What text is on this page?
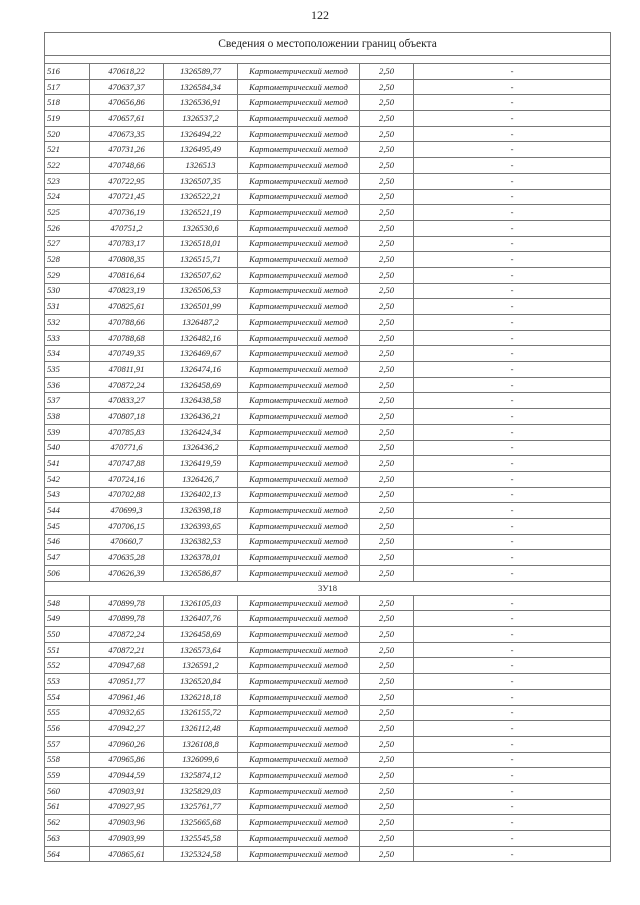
122
Сведения о местоположении границ объекта					

516	470618,22	1326589,77	Картометрический метод	2,50	-
517	470637,37	1326584,34	Картометрический метод	2,50	-
518	470656,86	1326536,91	Картометрический метод	2,50	-
519	470657,61	1326537,2	Картометрический метод	2,50	-
520	470673,35	1326494,22	Картометрический метод	2,50	-
521	470731,26	1326495,49	Картометрический метод	2,50	-
522	470748,66	1326513	Картометрический метод	2,50	-
523	470722,95	1326507,35	Картометрический метод	2,50	-
524	470721,45	1326522,21	Картометрический метод	2,50	-
525	470736,19	1326521,19	Картометрический метод	2,50	-
526	470751,2	1326530,6	Картометрический метод	2,50	-
527	470783,17	1326518,01	Картометрический метод	2,50	-
528	470808,35	1326515,71	Картометрический метод	2,50	-
529	470816,64	1326507,62	Картометрический метод	2,50	-
530	470823,19	1326506,53	Картометрический метод	2,50	-
531	470825,61	1326501,99	Картометрический метод	2,50	-
532	470788,66	1326487,2	Картометрический метод	2,50	-
533	470788,68	1326482,16	Картометрический метод	2,50	-
534	470749,35	1326469,67	Картометрический метод	2,50	-
535	470811,91	1326474,16	Картометрический метод	2,50	-
536	470872,24	1326458,69	Картометрический метод	2,50	-
537	470833,27	1326438,58	Картометрический метод	2,50	-
538	470807,18	1326436,21	Картометрический метод	2,50	-
539	470785,83	1326424,34	Картометрический метод	2,50	-
540	470771,6	1326436,2	Картометрический метод	2,50	-
541	470747,88	1326419,59	Картометрический метод	2,50	-
542	470724,16	1326426,7	Картометрический метод	2,50	-
543	470702,88	1326402,13	Картометрический метод	2,50	-
544	470699,3	1326398,18	Картометрический метод	2,50	-
545	470706,15	1326393,65	Картометрический метод	2,50	-
546	470660,7	1326382,53	Картометрический метод	2,50	-
547	470635,28	1326378,01	Картометрический метод	2,50	-
506	470626,39	1326586,87	Картометрический метод	2,50	-
3У18					
548	470899,78	1326105,03	Картометрический метод	2,50	-
549	470899,78	1326407,76	Картометрический метод	2,50	-
550	470872,24	1326458,69	Картометрический метод	2,50	-
551	470872,21	1326573,64	Картометрический метод	2,50	-
552	470947,68	1326591,2	Картометрический метод	2,50	-
553	470951,77	1326520,84	Картометрический метод	2,50	-
554	470961,46	1326218,18	Картометрический метод	2,50	-
555	470932,65	1326155,72	Картометрический метод	2,50	-
556	470942,27	1326112,48	Картометрический метод	2,50	-
557	470960,26	1326108,8	Картометрический метод	2,50	-
558	470965,86	1326099,6	Картометрический метод	2,50	-
559	470944,59	1325874,12	Картометрический метод	2,50	-
560	470903,91	1325829,03	Картометрический метод	2,50	-
561	470927,95	1325761,77	Картометрический метод	2,50	-
562	470903,96	1325665,68	Картометрический метод	2,50	-
563	470903,99	1325545,58	Картометрический метод	2,50	-
564	470865,61	1325324,58	Картометрический метод	2,50	-
